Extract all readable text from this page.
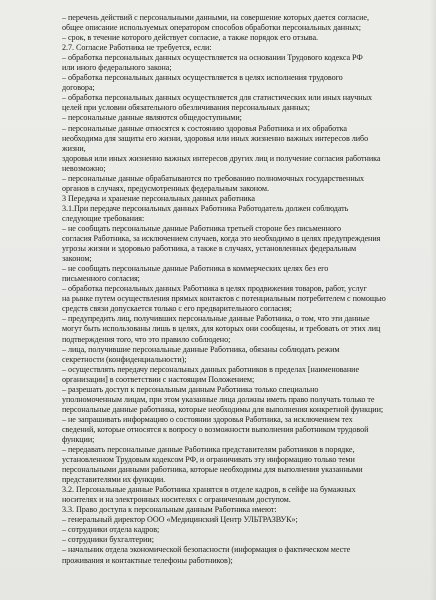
– перечень действий с персональными данными, на совершение которых дается согласие,
общее описание используемых оператором способов обработки персональных данных;
– срок, в течение которого действует согласие, а также порядок его отзыва.
2.7. Согласие Работника не требуется, если:
– обработка персональных данных осуществляется на основании Трудового кодекса РФ
или иного федерального закона;
– обработка персональных данных осуществляется в целях исполнения трудового
договора;
– обработка персональных данных осуществляется для статистических или иных научных
целей при условии обязательного обезличивания персональных данных;
– персональные данные являются общедоступными;
– персональные данные относятся к состоянию здоровья Работника и их обработка
необходима для защиты его жизни, здоровья или иных жизненно важных интересов либо
жизни,
здоровья или иных жизненно важных интересов других лиц и получение согласия работника
невозможно;
– персональные данные обрабатываются по требованию полномочных государственных
органов в случаях, предусмотренных федеральным законом.
3 Передача и хранение персональных данных работника
3.1.При передаче персональных данных Работника Работодатель должен соблюдать
следующие требования:
– не сообщать персональные данные Работника третьей стороне без письменного
согласия Работника, за исключением случаев, когда это необходимо в целях предупреждения
угрозы жизни и здоровью работника, а также в случаях, установленных федеральным
законом;
– не сообщать персональные данные Работника в коммерческих целях без его
письменного согласия;
– обработка персональных данных Работника в целях продвижения товаров, работ, услуг
на рынке путем осуществления прямых контактов с потенциальным потребителем с помощью
средств связи допускается только с его предварительного согласия;
– предупредить лиц, получивших персональные данные Работника, о том, что эти данные
могут быть использованы лишь в целях, для которых они сообщены, и требовать от этих лиц
подтверждения того, что это правило соблюдено;
– лица, получившие персональные данные Работника, обязаны соблюдать режим
секретности (конфиденциальности);
– осуществлять передачу персональных данных работников в пределах [наименование
организации] в соответствии с настоящим Положением;
– разрешать доступ к персональным данным Работника только специально
уполномоченным лицам, при этом указанные лица должны иметь право получать только те
персональные данные работника, которые необходимы для выполнения конкретной функции;
– не запрашивать информацию о состоянии здоровья Работника, за исключением тех
сведений, которые относятся к вопросу о возможности выполнения работником трудовой
функции;
– передавать персональные данные Работника представителям работников в порядке,
установленном Трудовым кодексом РФ, и ограничивать эту информацию только теми
персональными данными работника, которые необходимы для выполнения указанными
представителями их функции.
3.2. Персональные данные Работника хранятся в отделе кадров, в сейфе на бумажных
носителях и на электронных носителях с ограниченным доступом.
3.3. Право доступа к персональным данным Работника имеют:
– генеральный директор ООО «Медицинский Центр УЛЬТРАЗВУК»;
– сотрудники отдела кадров;
– сотрудники бухгалтерии;
– начальник отдела экономической безопасности (информация о фактическом месте
проживания и контактные телефоны работников);
